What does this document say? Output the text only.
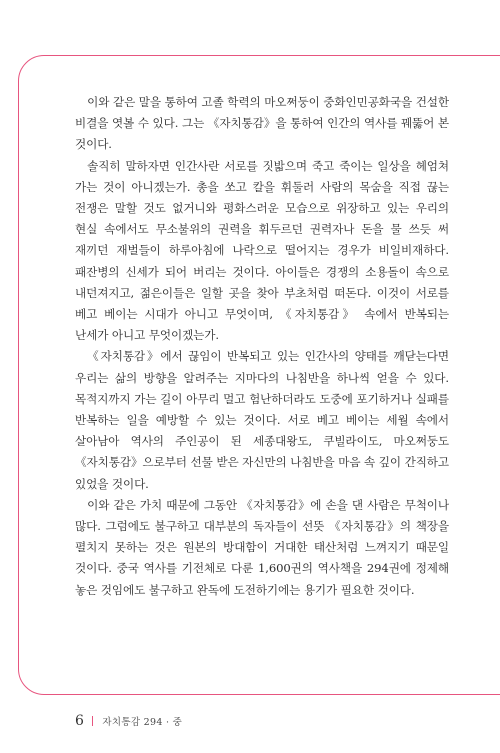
이와 같은 말을 통하여 고졸 학력의 마오쩌둥이 중화인민공화국을 건설한 비결을 엿볼 수 있다. 그는 《자치통감》을 통하여 인간의 역사를 꿰뚫어 본 것이다.

솔직히 말하자면 인간사란 서로를 짓밟으며 죽고 죽이는 일상을 헤엄쳐 가는 것이 아니겠는가. 총을 쏘고 칼을 휘둘러 사람의 목숨을 직접 끊는 전쟁은 말할 것도 없거니와 평화스러운 모습으로 위장하고 있는 우리의 현실 속에서도 무소불위의 권력을 휘두르던 권력자나 돈을 물 쓰듯 써 재끼던 재벌들이 하루아침에 나락으로 떨어지는 경우가 비일비재하다. 패잔병의 신세가 되어 버리는 것이다. 아이들은 경쟁의 소용돌이 속으로 내던져지고, 젊은이들은 일할 곳을 찾아 부초처럼 떠돈다. 이것이 서로를 베고 베이는 시대가 아니고 무엇이며, 《자치통감》 속에서 반복되는 난세가 아니고 무엇이겠는가.

《자치통감》에서 끊임이 반복되고 있는 인간사의 양태를 깨닫는다면 우리는 삶의 방향을 알려주는 지마다의 나침반을 하나씩 얻을 수 있다. 목적지까지 가는 길이 아무리 멀고 험난하더라도 도중에 포기하거나 실패를 반복하는 일을 예방할 수 있는 것이다. 서로 베고 베이는 세월 속에서 살아남아 역사의 주인공이 된 세종대왕도, 쿠빌라이도, 마오쩌둥도 《자치통감》으로부터 선물 받은 자신만의 나침반을 마음 속 깊이 간직하고 있었을 것이다.

이와 같은 가치 때문에 그동안 《자치통감》에 손을 댄 사람은 무척이나 많다. 그럼에도 불구하고 대부분의 독자들이 선뜻 《자치통감》의 책장을 펼치지 못하는 것은 원본의 방대함이 거대한 태산처럼 느껴지기 때문일 것이다. 중국 역사를 기전체로 다룬 1,600권의 역사책을 294권에 정제해 놓은 것임에도 불구하고 완독에 도전하기에는 용기가 필요한 것이다.

6 자치통감 294 · 중
